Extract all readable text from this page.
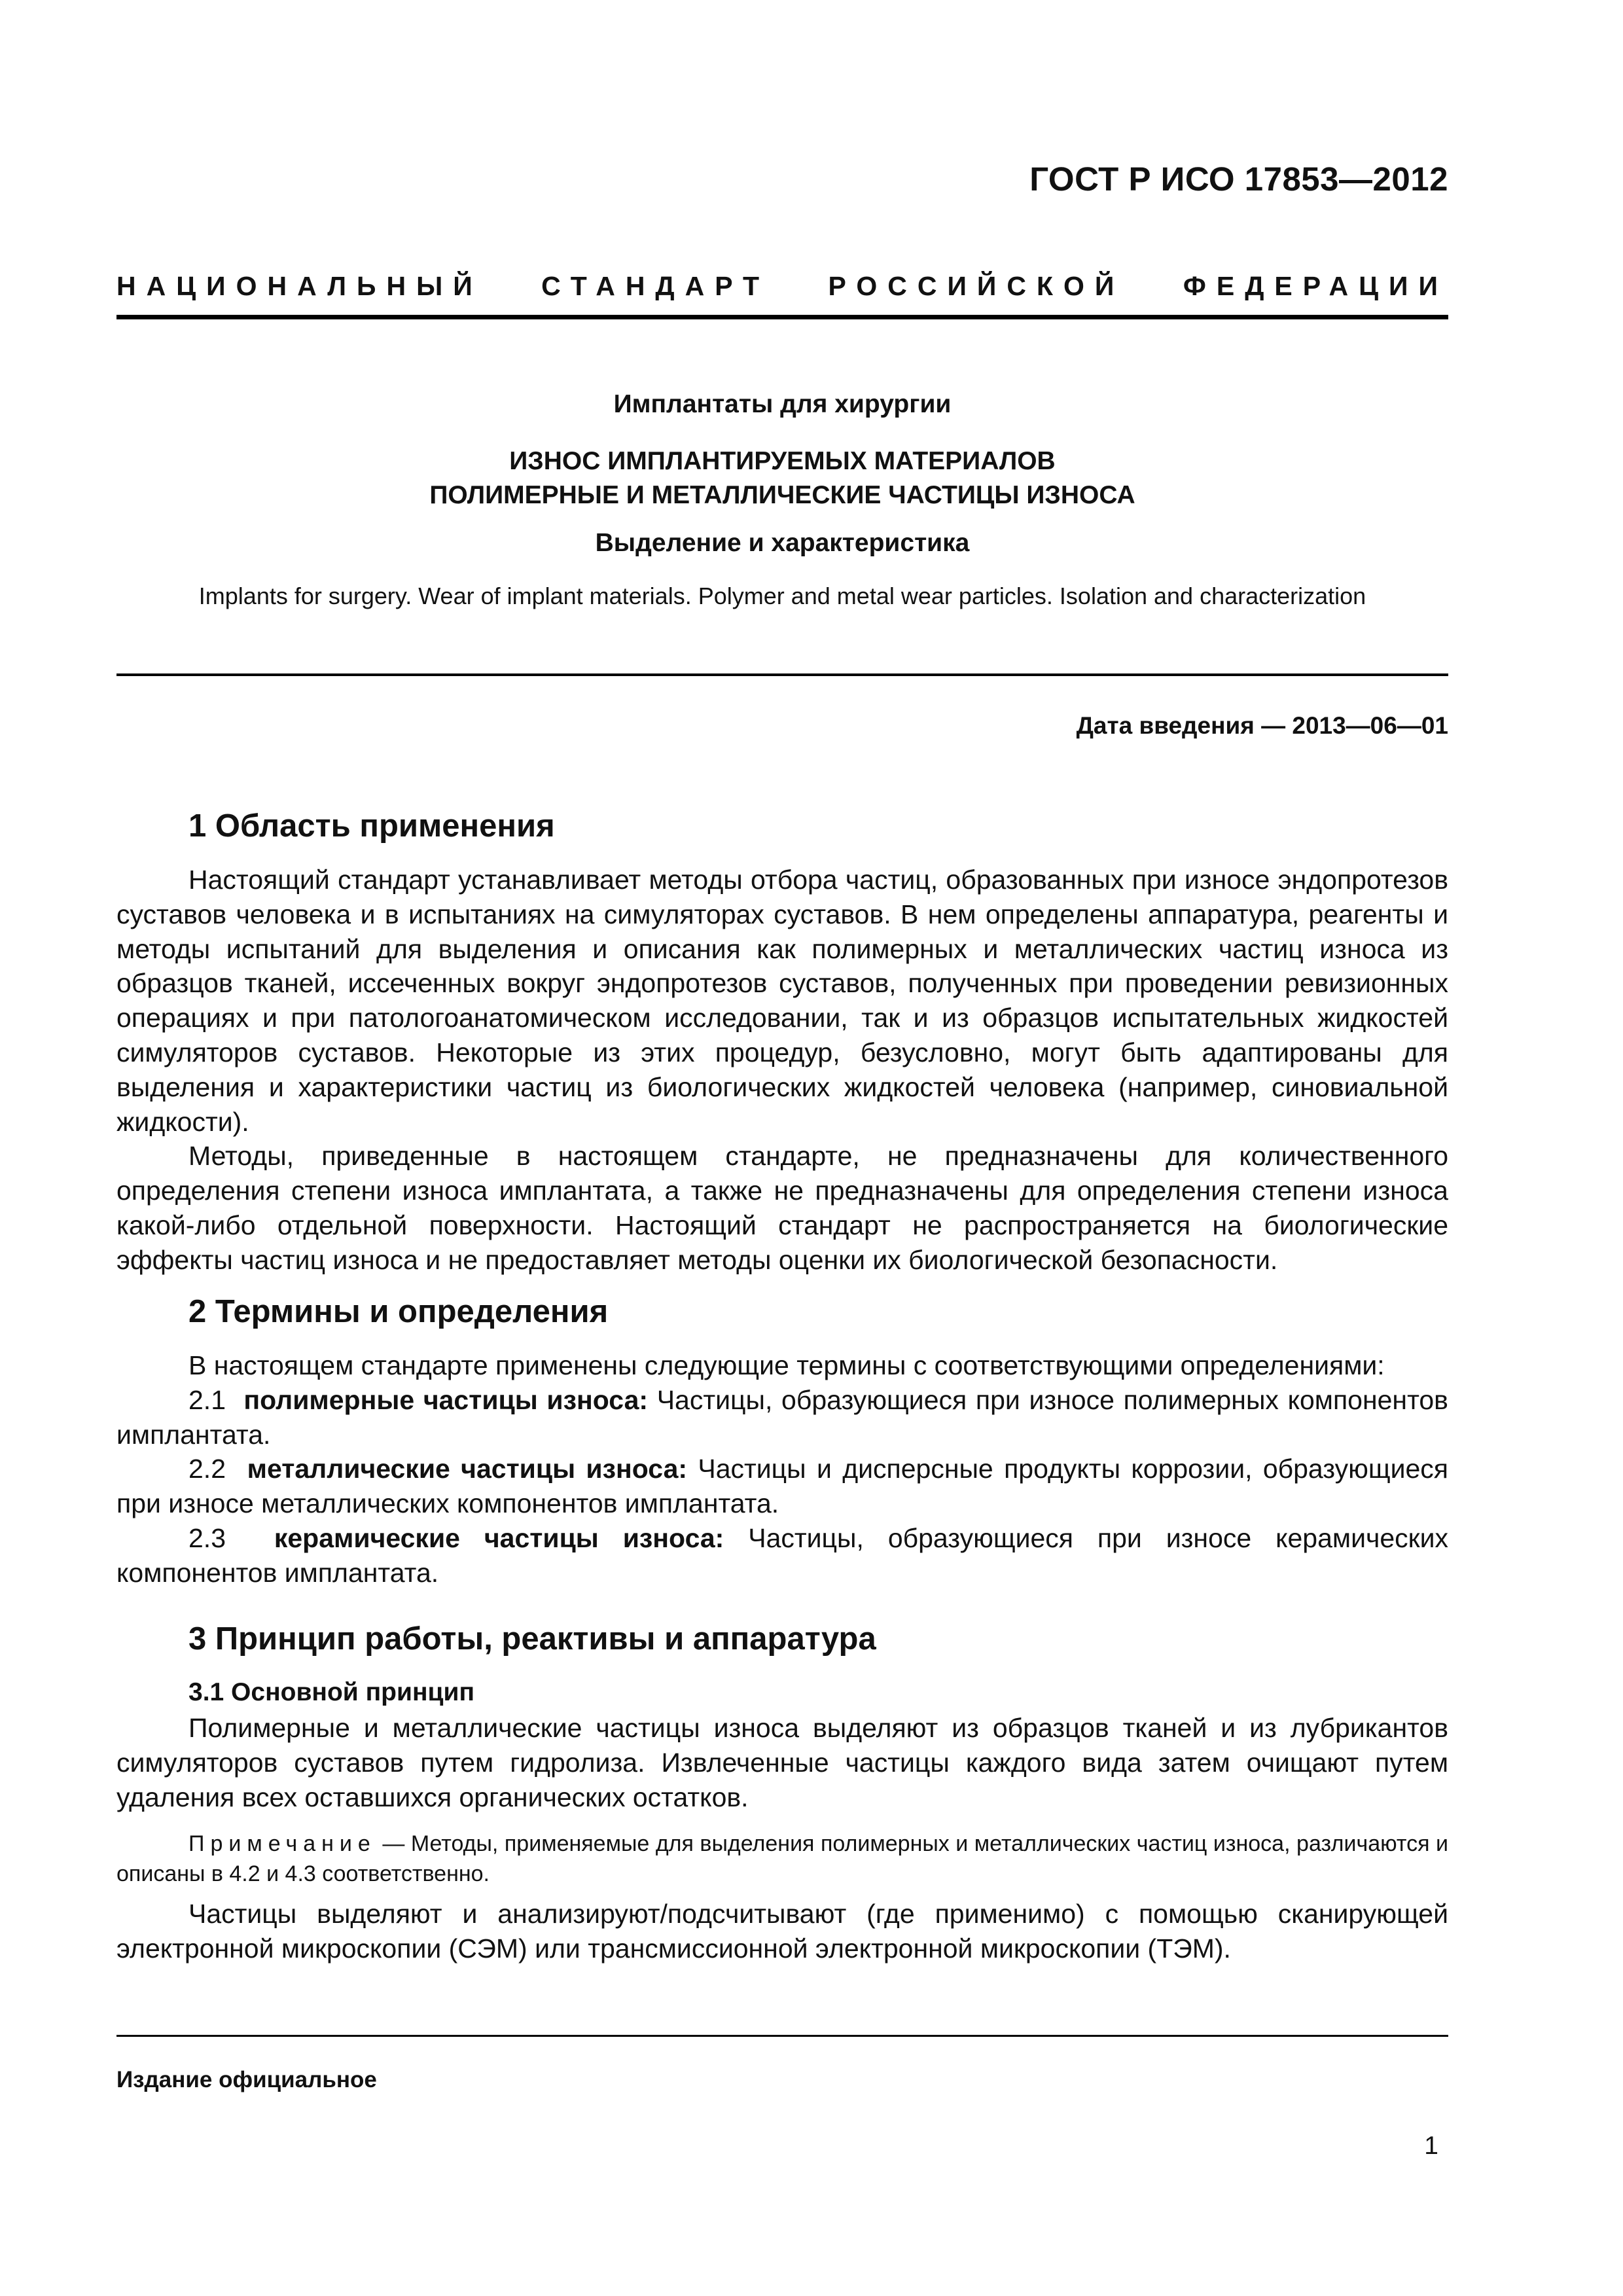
ГОСТ Р ИСО 17853—2012
НАЦИОНАЛЬНЫЙ СТАНДАРТ РОССИЙСКОЙ ФЕДЕРАЦИИ
Имплантаты для хирургии
ИЗНОС ИМПЛАНТИРУЕМЫХ МАТЕРИАЛОВ
ПОЛИМЕРНЫЕ И МЕТАЛЛИЧЕСКИЕ ЧАСТИЦЫ ИЗНОСА
Выделение и характеристика
Implants for surgery. Wear of implant materials. Polymer and metal wear particles. Isolation and characterization
Дата введения — 2013—06—01
1 Область применения

Настоящий стандарт устанавливает методы отбора частиц, образованных при износе эндопротезов суставов человека и в испытаниях на симуляторах суставов. В нем определены аппаратура, реагенты и методы испытаний для выделения и описания как полимерных и металлических частиц износа из образцов тканей, иссеченных вокруг эндопротезов суставов, полученных при проведении ревизионных операциях и при патологоанатомическом исследовании, так и из образцов испытательных жидкостей симуляторов суставов. Некоторые из этих процедур, безусловно, могут быть адаптированы для выделения и характеристики частиц из биологических жидкостей человека (например, синовиальной жидкости).

Методы, приведенные в настоящем стандарте, не предназначены для количественного определения степени износа имплантата, а также не предназначены для определения степени износа какой-либо отдельной поверхности. Настоящий стандарт не распространяется на биологические эффекты частиц износа и не предоставляет методы оценки их биологической безопасности.

2 Термины и определения

В настоящем стандарте применены следующие термины с соответствующими определениями:

2.1 полимерные частицы износа: Частицы, образующиеся при износе полимерных компонентов имплантата.

2.2 металлические частицы износа: Частицы и дисперсные продукты коррозии, образующиеся при износе металлических компонентов имплантата.

2.3 керамические частицы износа: Частицы, образующиеся при износе керамических компонентов имплантата.

3 Принцип работы, реактивы и аппаратура
3.1 Основной принцип

Полимерные и металлические частицы износа выделяют из образцов тканей и из лубрикантов симуляторов суставов путем гидролиза. Извлеченные частицы каждого вида затем очищают путем удаления всех оставшихся органических остатков.

Примечание — Методы, применяемые для выделения полимерных и металлических частиц износа, различаются и описаны в 4.2 и 4.3 соответственно.

Частицы выделяют и анализируют/подсчитывают (где применимо) с помощью сканирующей электронной микроскопии (СЭМ) или трансмиссионной электронной микроскопии (ТЭМ).

Издание официальное
1
